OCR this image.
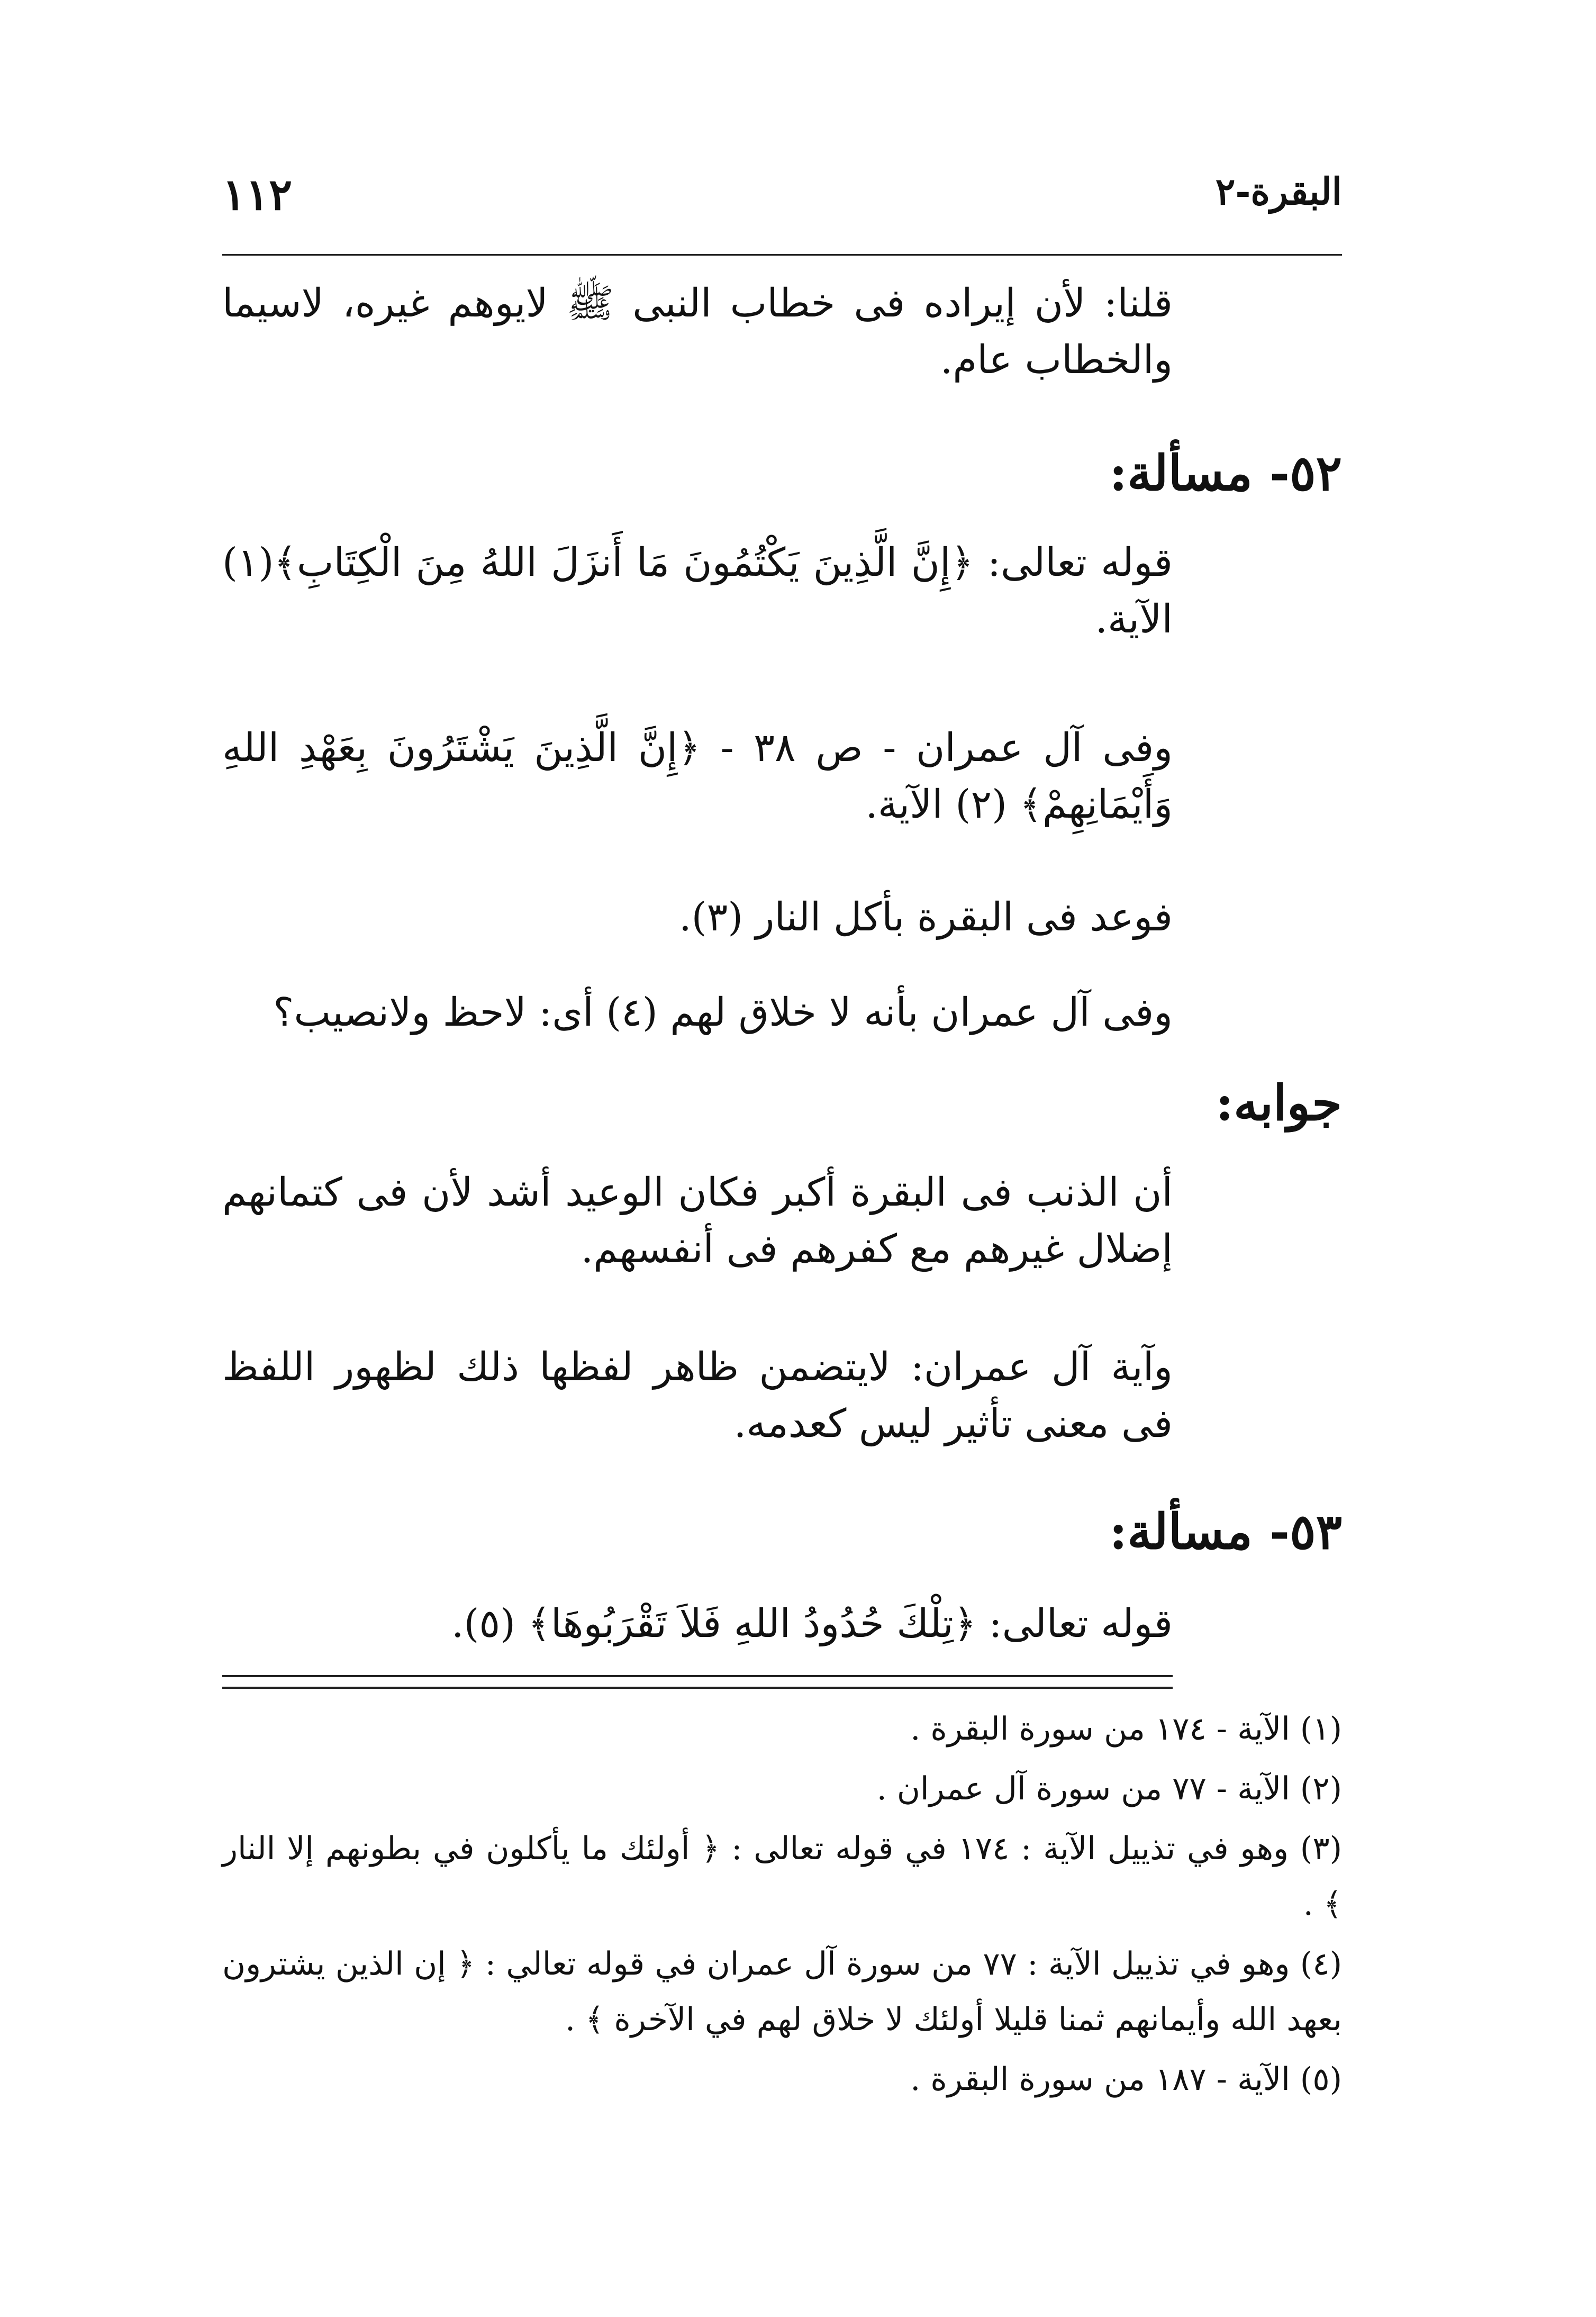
البقرة-٢
١١٢

قلنا: لأن إيراده فى خطاب النبى ﷺ لايوهم غيره، لاسيما والخطاب عام.

٥٢- مسألة:

قوله تعالى: ﴿إِنَّ الَّذِينَ يَكْتُمُونَ مَا أَنزَلَ اللهُ مِنَ الْكِتَابِ﴾(١) الآية.

وفى آل عمران - ص ٣٨ - ﴿إِنَّ الَّذِينَ يَشْتَرُونَ بِعَهْدِ اللهِ وَأَيْمَانِهِمْ﴾ (٢) الآية.

فوعد فى البقرة بأكل النار (٣).

وفى آل عمران بأنه لا خلاق لهم (٤) أى: لاحظ ولانصيب؟

جوابه:

أن الذنب فى البقرة أكبر فكان الوعيد أشد لأن فى كتمانهم إضلال غيرهم مع كفرهم فى أنفسهم.

وآية آل عمران: لايتضمن ظاهر لفظها ذلك لظهور اللفظ فى معنى تأثير ليس كعدمه.

٥٣- مسألة:

قوله تعالى: ﴿تِلْكَ حُدُودُ اللهِ فَلاَ تَقْرَبُوهَا﴾ (٥).

(١) الآية - ١٧٤ من سورة البقرة .

(٢) الآية - ٧٧ من سورة آل عمران .

(٣) وهو في تذييل الآية : ١٧٤ في قوله تعالى : ﴿ أولئك ما يأكلون في بطونهم إلا النار ﴾ .

(٤) وهو في تذييل الآية : ٧٧ من سورة آل عمران في قوله تعالي : ﴿ إن الذين يشترون بعهد الله وأيمانهم ثمنا قليلا أولئك لا خلاق لهم في الآخرة ﴾ .

(٥) الآية - ١٨٧ من سورة البقرة .
